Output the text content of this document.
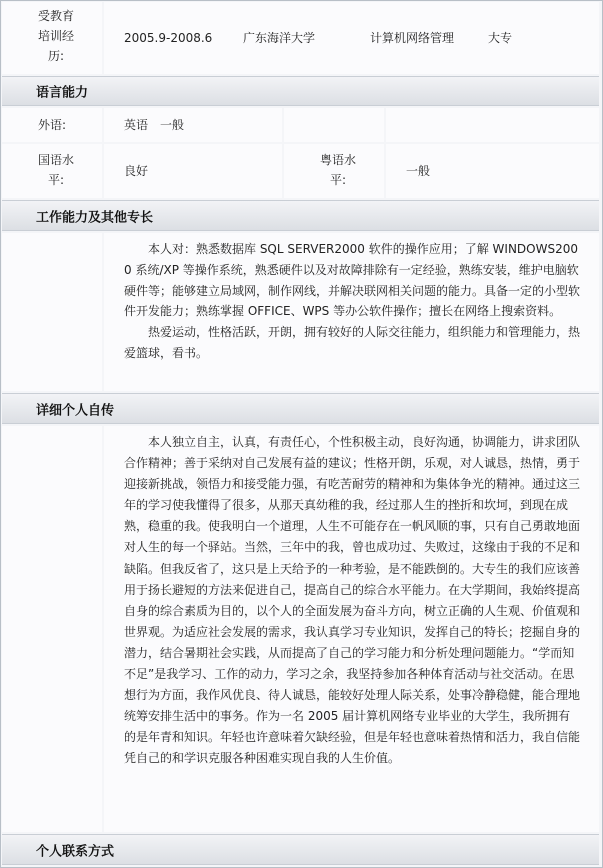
受教育培训经历:
2005.9-2008.6	广东海洋大学	计算机网络管理	大专
语言能力
外语:	英语　一般
国语水平:
良好
粤语水平:
一般
工作能力及其他专长

本人对：熟悉数据库 SQL SERVER2000 软件的操作应用；了解 WINDOWS2000 系统/XP 等操作系统，熟悉硬件以及对故障排除有一定经验，熟练安装，维护电脑软硬件等；能够建立局域网，制作网线，并解决联网相关问题的能力。具备一定的小型软件开发能力；熟练掌握 OFFICE、WPS 等办公软件操作；擅长在网络上搜索资料。

热爱运动，性格活跃，开朗，拥有较好的人际交往能力，组织能力和管理能力，热爱篮球，看书。

详细个人自传

本人独立自主，认真，有责任心，个性积极主动，良好沟通，协调能力，讲求团队合作精神；善于采纳对自己发展有益的建议；性格开朗，乐观，对人诚恳，热情，勇于迎接新挑战，领悟力和接受能力强，有吃苦耐劳的精神和为集体争光的精神。通过这三年的学习使我懂得了很多，从那天真幼稚的我，经过那人生的挫折和坎坷，到现在成熟，稳重的我。使我明白一个道理，人生不可能存在一帆风顺的事，只有自己勇敢地面对人生的每一个驿站。当然，三年中的我，曾也成功过、失败过，这缘由于我的不足和缺陷。但我反省了，这只是上天给予的一种考验，是不能跌倒的。大专生的我们应该善用于扬长避短的方法来促进自己，提高自己的综合水平能力。在大学期间，我始终提高自身的综合素质为目的，以个人的全面发展为奋斗方向，树立正确的人生观、价值观和世界观。为适应社会发展的需求，我认真学习专业知识，发挥自己的特长；挖掘自身的潜力，结合暑期社会实践，从而提高了自己的学习能力和分析处理问题能力。“学而知不足”是我学习、工作的动力，学习之余，我坚持参加各种体育活动与社交活动。在思想行为方面，我作风优良、待人诚恳，能较好处理人际关系，处事冷静稳健，能合理地统筹安排生活中的事务。作为一名 2005 届计算机网络专业毕业的大学生，我所拥有的是年青和知识。年轻也许意味着欠缺经验，但是年轻也意味着热情和活力，我自信能凭自己的和学识克服各种困难实现自我的人生价值。

个人联系方式
